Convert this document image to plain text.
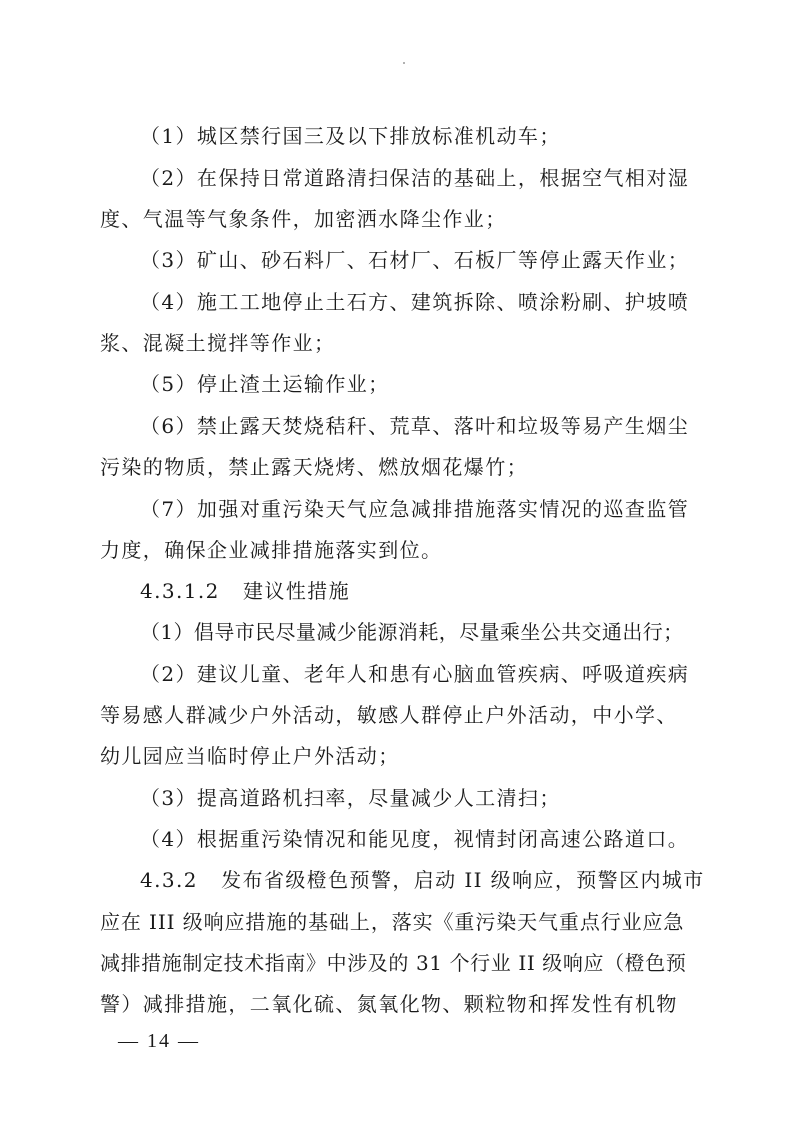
（1）城区禁行国三及以下排放标准机动车；
（2）在保持日常道路清扫保洁的基础上，根据空气相对湿
度、气温等气象条件，加密洒水降尘作业；
（3）矿山、砂石料厂、石材厂、石板厂等停止露天作业；
（4）施工工地停止土石方、建筑拆除、喷涂粉刷、护坡喷
浆、混凝土搅拌等作业；
（5）停止渣土运输作业；
（6）禁止露天焚烧秸秆、荒草、落叶和垃圾等易产生烟尘
污染的物质，禁止露天烧烤、燃放烟花爆竹；
（7）加强对重污染天气应急减排措施落实情况的巡查监管
力度，确保企业减排措施落实到位。
4.3.1.2   建议性措施
（1）倡导市民尽量减少能源消耗，尽量乘坐公共交通出行；
（2）建议儿童、老年人和患有心脑血管疾病、呼吸道疾病
等易感人群减少户外活动，敏感人群停止户外活动，中小学、
幼儿园应当临时停止户外活动；
（3）提高道路机扫率，尽量减少人工清扫；
（4）根据重污染情况和能见度，视情封闭高速公路道口。
4.3.2   发布省级橙色预警，启动 II 级响应，预警区内城市
应在 III 级响应措施的基础上，落实《重污染天气重点行业应急
减排措施制定技术指南》中涉及的 31 个行业 II 级响应（橙色预
警）减排措施，二氧化硫、氮氧化物、颗粒物和挥发性有机物
— 14 —
